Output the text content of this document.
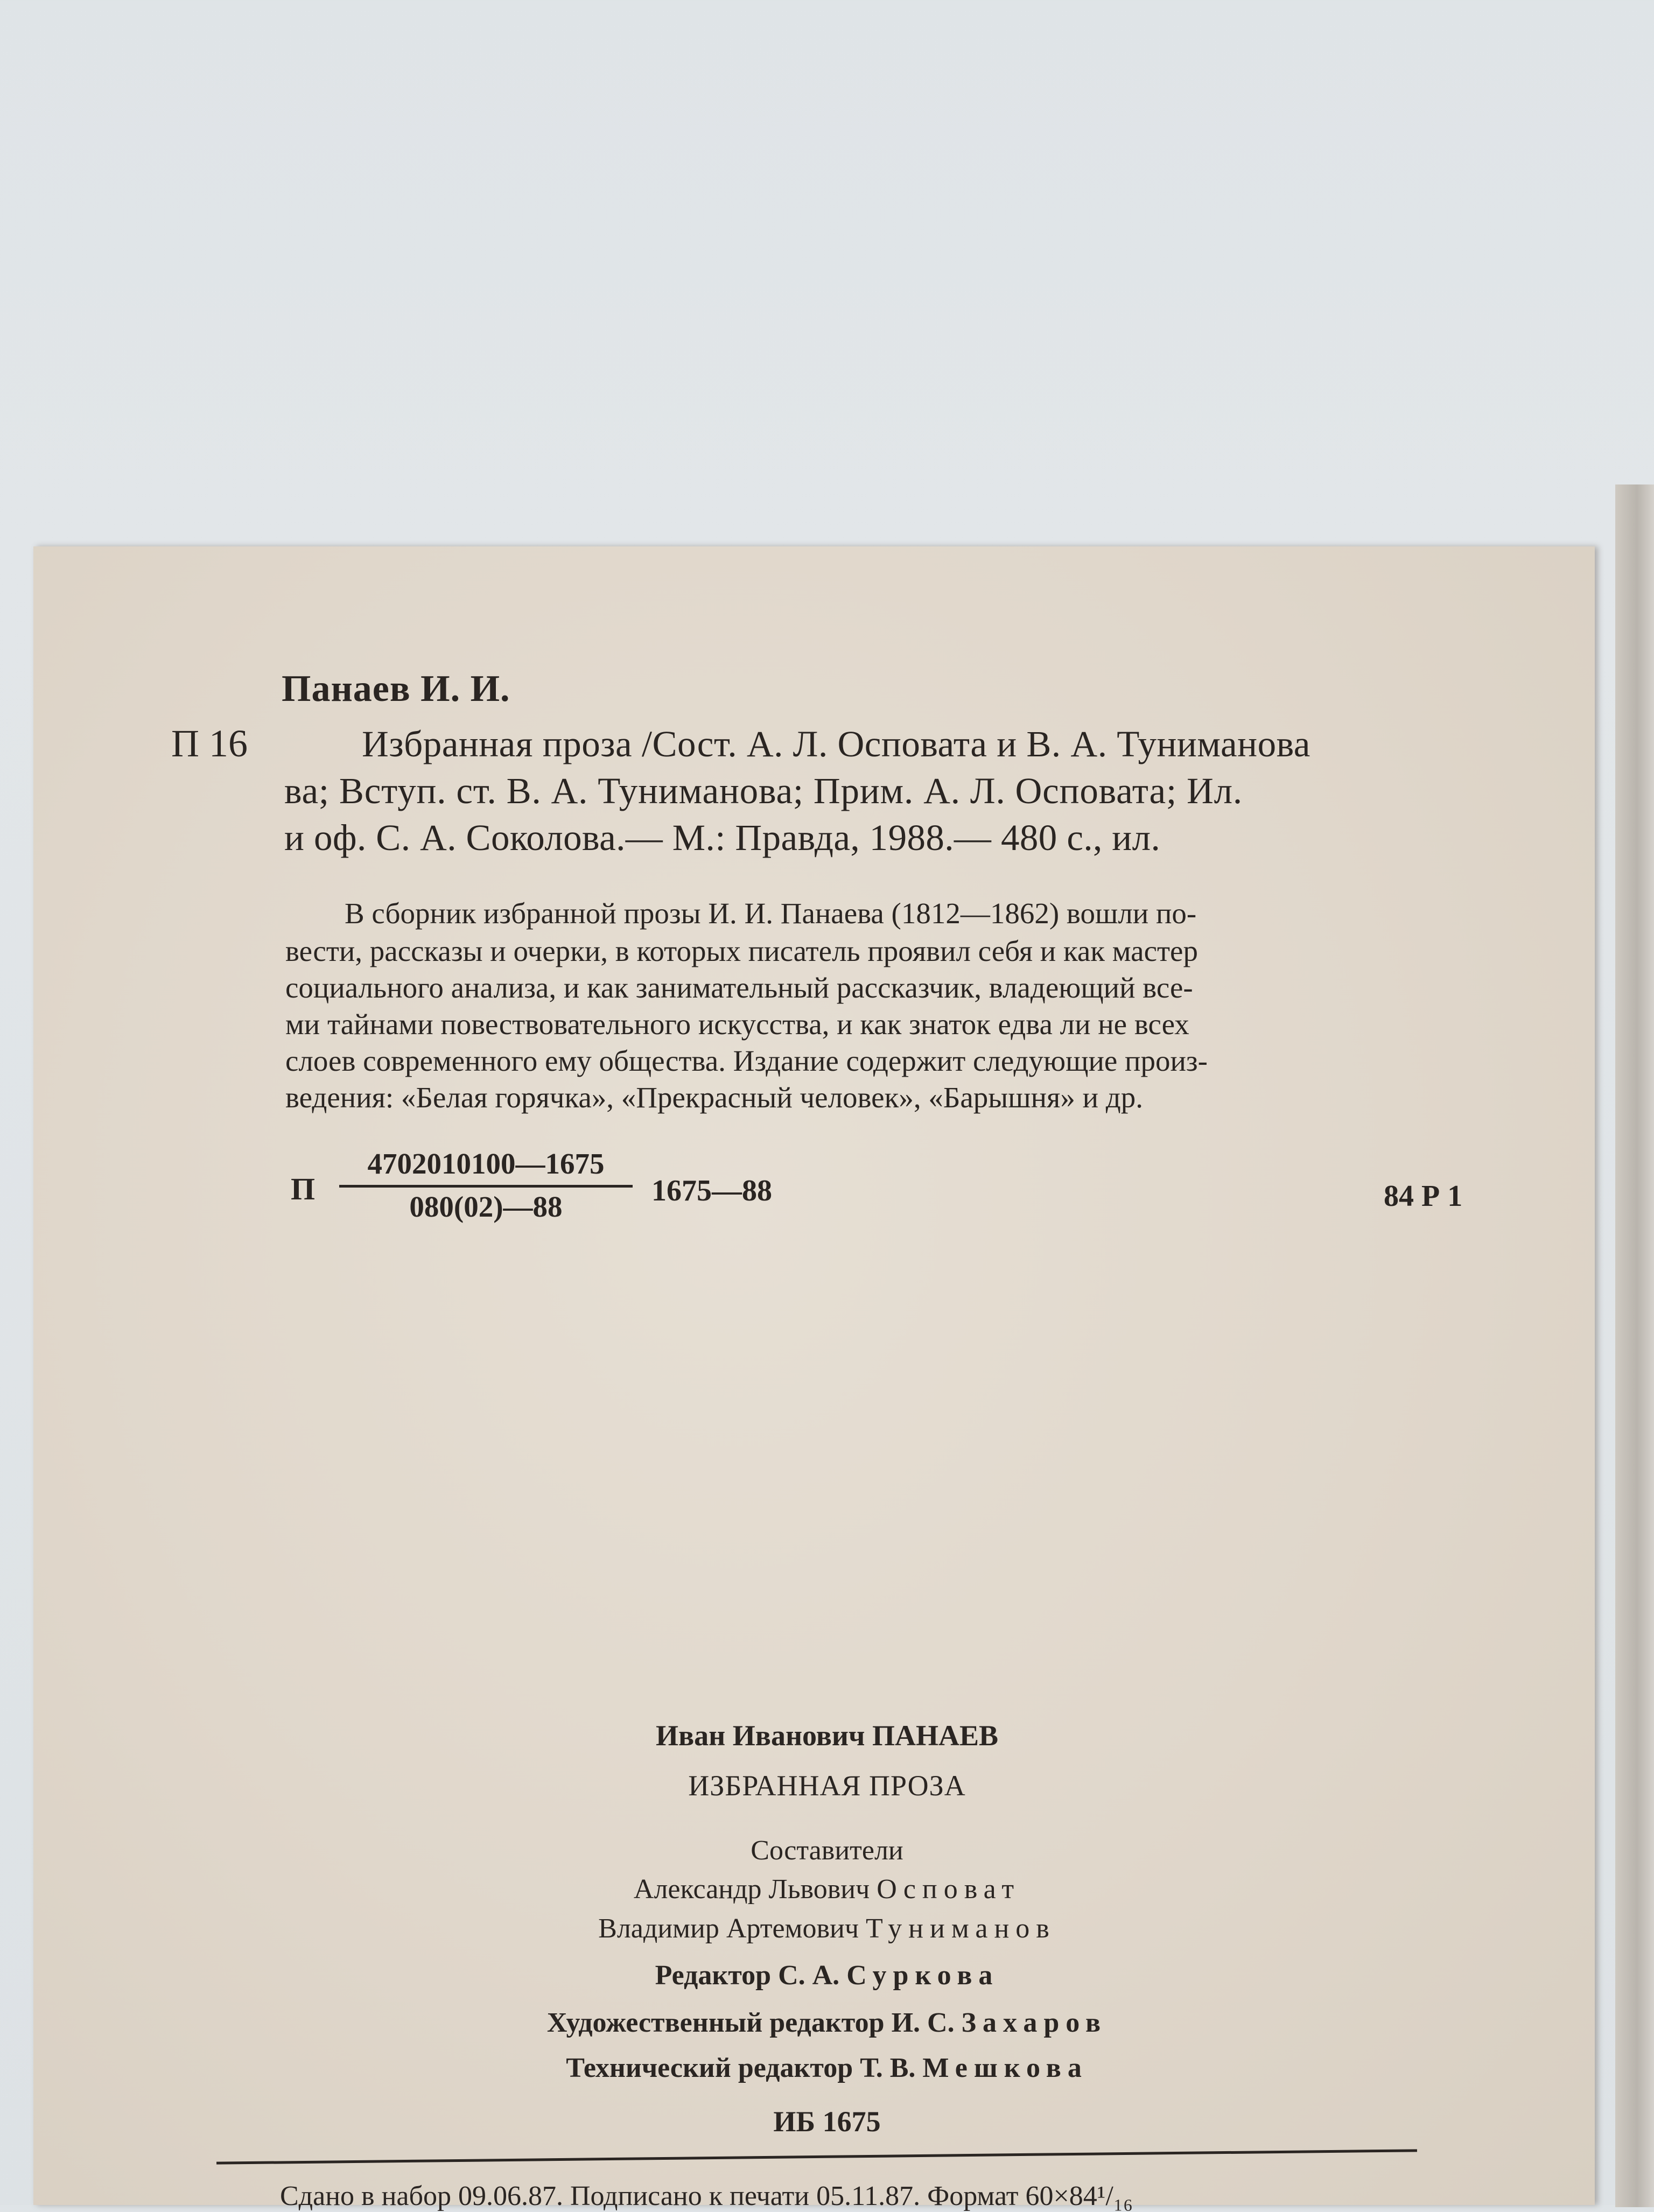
Панаев И. И.
П 16	Избранная проза /Сост. А. Л. Осповата и В. А. Туниманова
ва; Вступ. ст. В. А. Туниманова; Прим. А. Л. Осповата; Ил.
и оф. С. А. Соколова.— М.: Правда, 1988.— 480 с., ил.
В сборник избранной прозы И. И. Панаева (1812—1862) вошли по-
вести, рассказы и очерки, в которых писатель проявил себя и как мастер
социального анализа, и как занимательный рассказчик, владеющий все-
ми тайнами повествовательного искусства, и как знаток едва ли не всех
слоев современного ему общества. Издание содержит следующие произ-
ведения: «Белая горячка», «Прекрасный человек», «Барышня» и др.
П $\frac{4702010100—1675}{080(02)—88}$ 1675—88	84 Р 1
Иван Иванович ПАНАЕВ
ИЗБРАННАЯ ПРОЗА
Составители
Александр Львович Осповат
Владимир Артемович Туниманов
Редактор С. А. Суркова
Художественный редактор И. С. Захаров
Технический редактор Т. В. Мешкова
ИБ 1675
Сдано в набор 09.06.87. Подписано к печати 05.11.87. Формат 60×84¹/₁₆
